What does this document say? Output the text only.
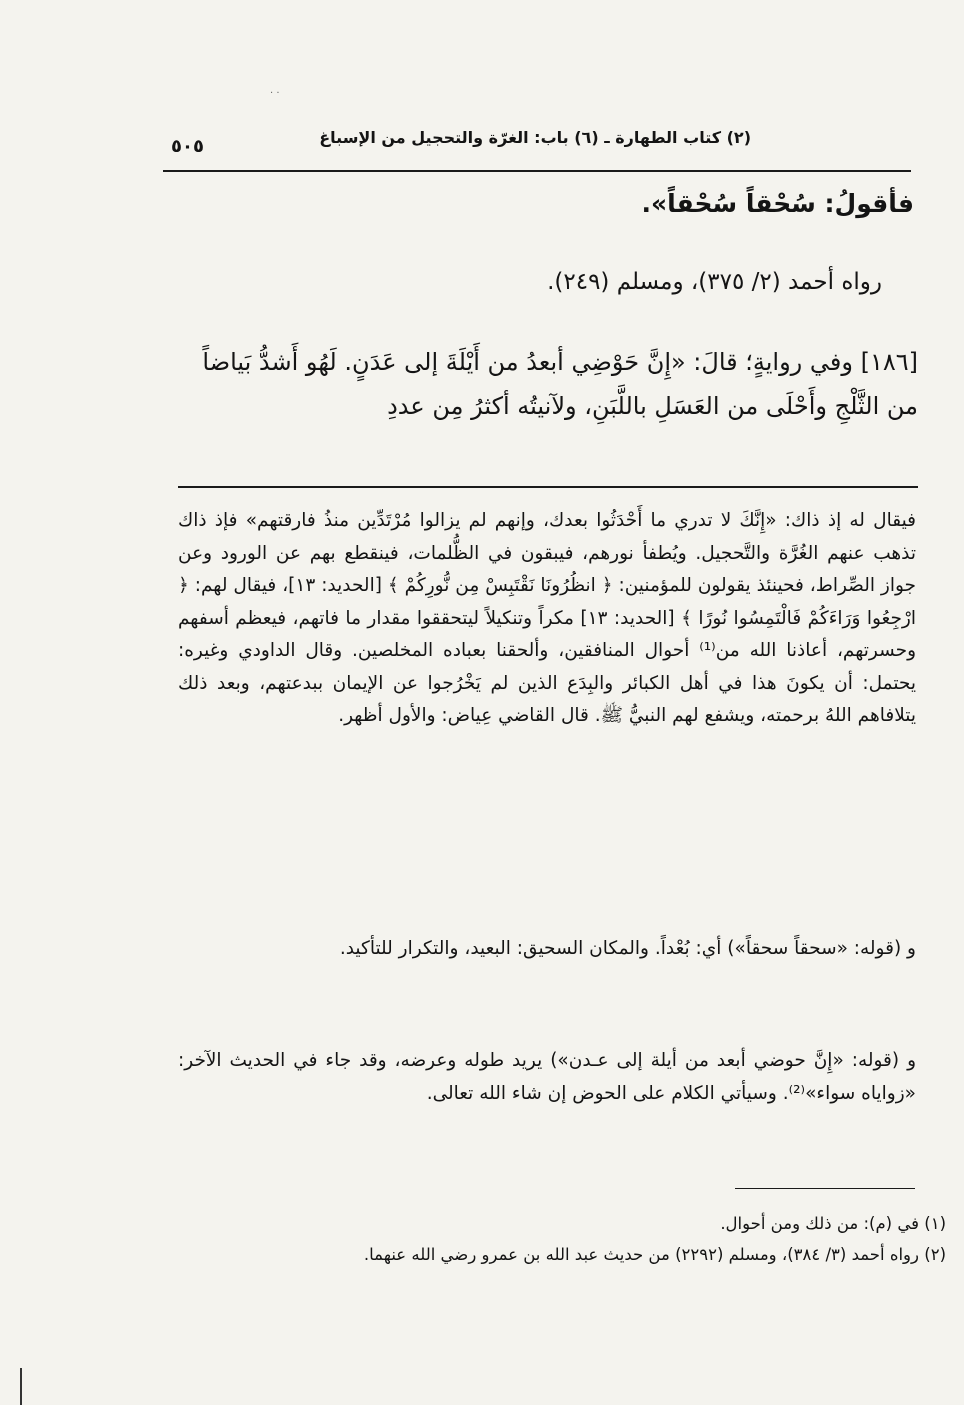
· ·
(٢) كتاب الطهارة ـ (٦) باب: الغرّة والتحجيل من الإسباغ
٥٠٥
فأقولُ: سُحْقاً سُحْقاً».
رواه أحمد (٢/ ٣٧٥)، ومسلم (٢٤٩).
[١٨٦] وفي روايةٍ؛ قالَ: «إِنَّ حَوْضِي أبعدُ من أَيْلَةَ إلى عَدَنٍ. لَهُو أَشدُّ بَياضاً من الثَّلْجِ وأَحْلَى من العَسَلِ باللَّبَنِ، ولآنيتُه أكثرُ مِن عددِ
فيقال له إذ ذاك: «إِنَّكَ لا تدري ما أَحْدَثُوا بعدك، وإنهم لم يزالوا مُرْتَدِّين منذُ فارقتهم» فإذ ذاك تذهب عنهم الغُرَّة والتَّحجيل. ويُطفأ نورهم، فيبقون في الظُّلمات، فينقطع بهم عن الورود وعن جواز الصِّراط، فحينئذ يقولون للمؤمنين: ﴿ انظُرُونَا نَقْتَبِسْ مِن نُّورِكُمْ ﴾ [الحديد: ١٣]، فيقال لهم: ﴿ ارْجِعُوا وَرَاءَكُمْ فَالْتَمِسُوا نُورًا ﴾ [الحديد: ١٣] مكراً وتنكيلاً ليتحققوا مقدار ما فاتهم، فيعظم أسفهم وحسرتهم، أعاذنا الله من⁽¹⁾ أحوال المنافقين، وألحقنا بعباده المخلصين. وقال الداودي وغيره: يحتمل: أن يكونَ هذا في أهل الكبائر والبِدَع الذين لم يَخْرُجوا عن الإيمان ببدعتهم، وبعد ذلك يتلافاهم اللهُ برحمته، ويشفع لهم النبيُّ ﷺ. قال القاضي عِياض: والأول أظهر.
و (قوله: «سحقاً سحقاً») أي: بُعْداً. والمكان السحيق: البعيد، والتكرار للتأكيد.
و (قوله: «إِنَّ حوضي أبعد من أيلة إلى عـدن») يريد طوله وعرضه، وقد جاء في الحديث الآخر: «زواياه سواء»⁽²⁾. وسيأتي الكلام على الحوض إن شاء الله تعالى.

(١) في (م): من ذلك ومن أحوال.

(٢) رواه أحمد (٣/ ٣٨٤)، ومسلم (٢٢٩٢) من حديث عبد الله بن عمرو رضي الله عنهما.
